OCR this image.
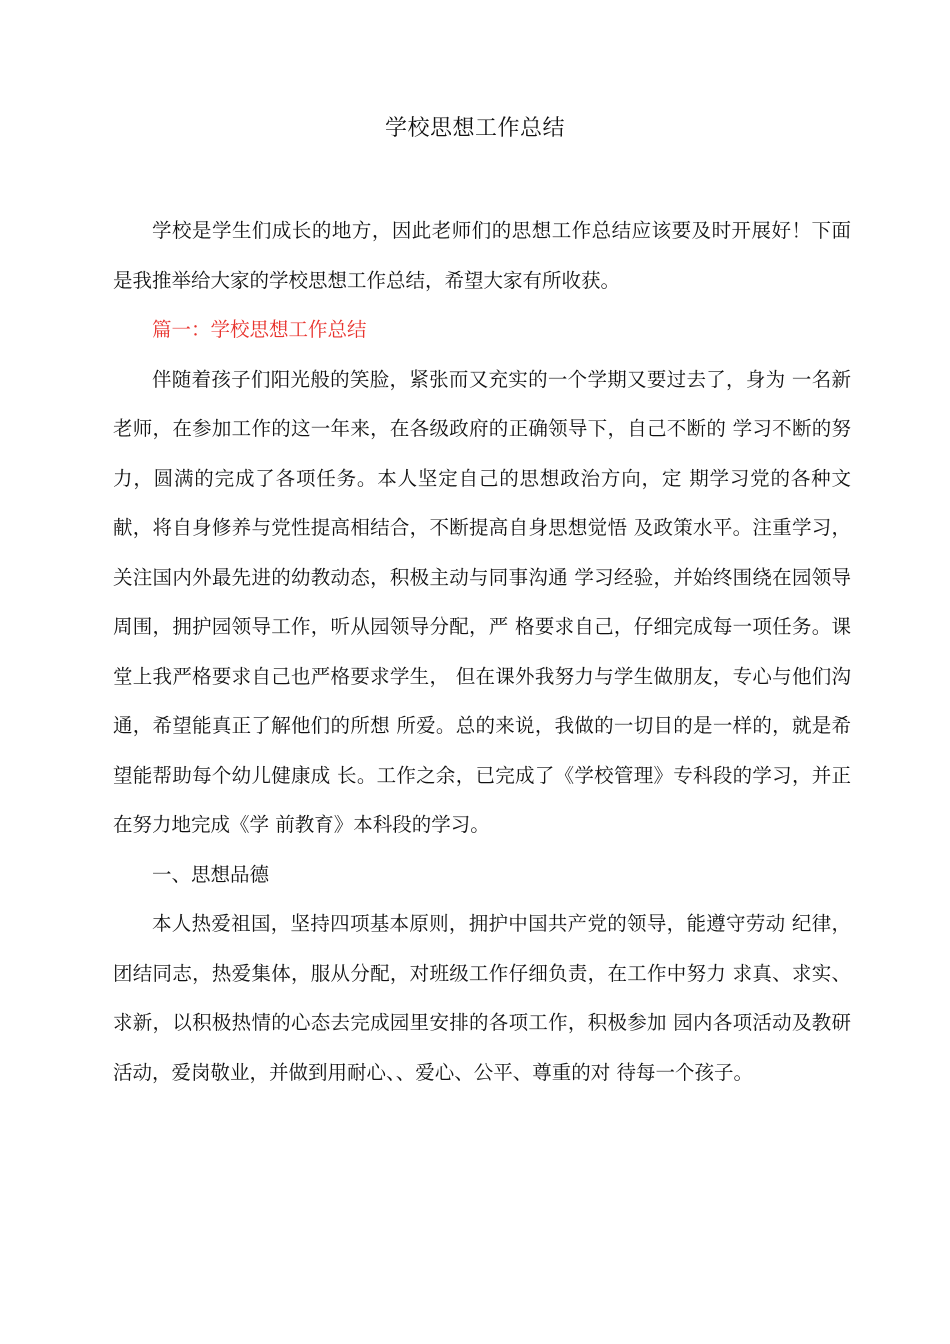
学校思想工作总结

学校是学生们成长的地方，因此老师们的思想工作总结应该要及时开展好！下面是我推举给大家的学校思想工作总结，希望大家有所收获。

篇一：学校思想工作总结

伴随着孩子们阳光般的笑脸，紧张而又充实的一个学期又要过去了，身为 一名新老师，在参加工作的这一年来，在各级政府的正确领导下，自己不断的 学习不断的努力，圆满的完成了各项任务。本人坚定自己的思想政治方向，定 期学习党的各种文献，将自身修养与党性提高相结合，不断提高自身思想觉悟 及政策水平。注重学习，关注国内外最先进的幼教动态，积极主动与同事沟通 学习经验，并始终围绕在园领导周围，拥护园领导工作，听从园领导分配，严 格要求自己，仔细完成每一项任务。课堂上我严格要求自己也严格要求学生， 但在课外我努力与学生做朋友，专心与他们沟通，希望能真正了解他们的所想 所爱。总的来说，我做的一切目的是一样的，就是希望能帮助每个幼儿健康成 长。工作之余，已完成了《学校管理》专科段的学习，并正在努力地完成《学 前教育》本科段的学习。

一、思想品德

本人热爱祖国，坚持四项基本原则，拥护中国共产党的领导，能遵守劳动 纪律，团结同志，热爱集体，服从分配，对班级工作仔细负责，在工作中努力 求真、求实、求新，以积极热情的心态去完成园里安排的各项工作，积极参加 园内各项活动及教研活动，爱岗敬业，并做到用耐心、、爱心、公平、尊重的对 待每一个孩子。
